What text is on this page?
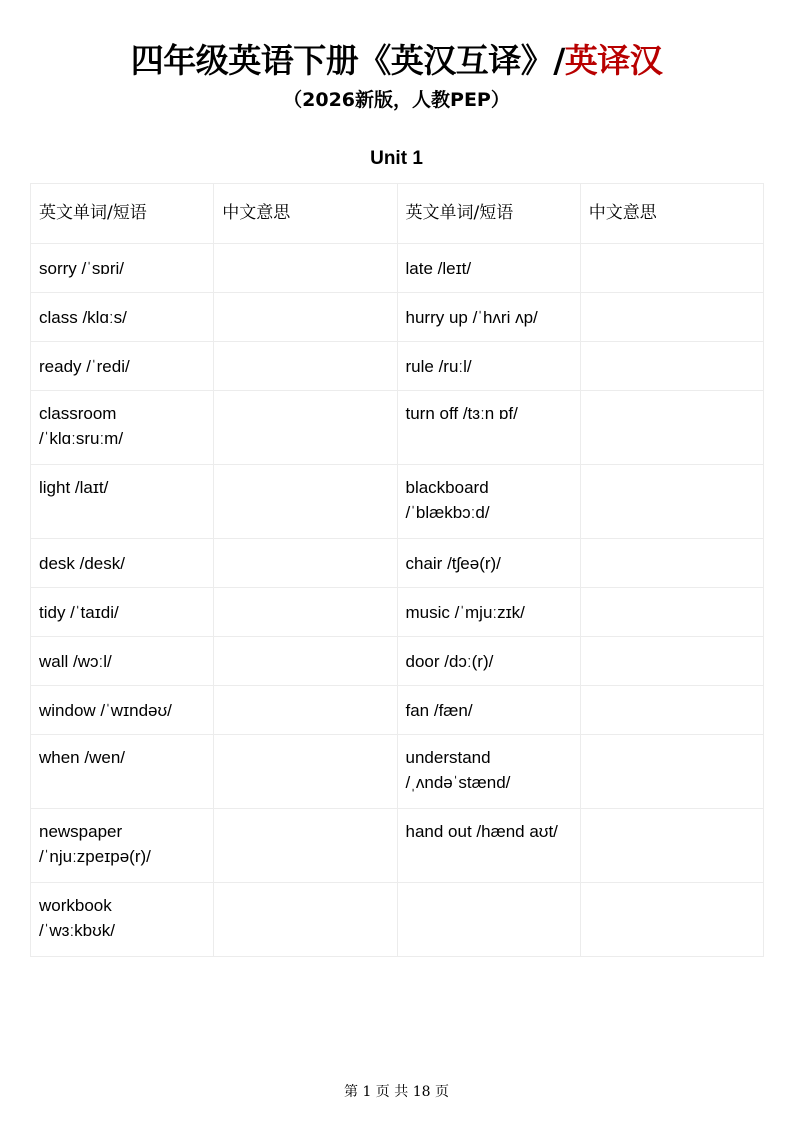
四年级英语下册《英汉互译》/英译汉
（2026新版，人教PEP）
Unit 1
英文单词/短语	中文意思	英文单词/短语	中文意思
sorry /ˈsɒri/		late /leɪt/	
class /klɑːs/		hurry up /ˈhʌri ʌp/	
ready /ˈredi/		rule /ruːl/	
classroom
/ˈklɑːsruːm/		turn off /tɜːn ɒf/	
light /laɪt/		blackboard
/ˈblækbɔːd/	
desk /desk/		chair /tʃeə(r)/	
tidy /ˈtaɪdi/		music /ˈmjuːzɪk/	
wall /wɔːl/		door /dɔː(r)/	
window /ˈwɪndəʊ/		fan /fæn/	
when /wen/		understand
/ˌʌndəˈstænd/	
newspaper
/ˈnjuːzpeɪpə(r)/		hand out /hænd aʊt/	
workbook
/ˈwɜːkbʊk/			
第 1 页 共 18 页
